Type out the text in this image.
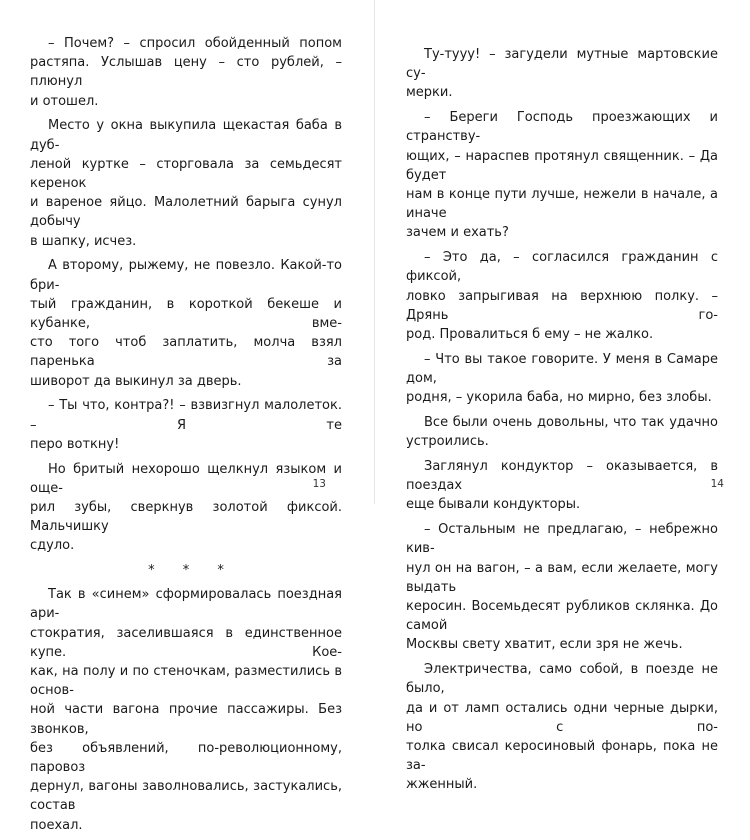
– Почем? – спросил обойденный попом
растяпа. Услышав цену – сто рублей, – плюнул
и отошел.

Место у окна выкупила щекастая баба в дуб-
леной куртке – сторговала за семьдесят керенок
и вареное яйцо. Малолетний барыга сунул добычу
в шапку, исчез.

А второму, рыжему, не повезло. Какой-то бри-
тый гражданин, в короткой бекеше и кубанке, вме-
сто того чтоб заплатить, молча взял паренька за
шиворот да выкинул за дверь.

– Ты что, контра?! – взвизгнул малолеток. – Я те
перо воткну!

Но бритый нехорошо щелкнул языком и още-
рил зубы, сверкнув золотой фиксой. Мальчишку
сдуло.

* * *

Так в «синем» сформировалась поездная ари-
стократия, заселившаяся в единственное купе. Кое-
как, на полу и по стеночкам, разместились в основ-
ной части вагона прочие пассажиры. Без звонков,
без объявлений, по-революционному, паровоз
дернул, вагоны заволновались, застукались, состав
поехал.

13

Ту-тууу! – загудели мутные мартовские су-
мерки.

– Береги Господь проезжающих и странству-
ющих, – нараспев протянул священник. – Да будет
нам в конце пути лучше, нежели в начале, а иначе
зачем и ехать?

– Это да, – согласился гражданин с фиксой,
ловко запрыгивая на верхнюю полку. – Дрянь го-
род. Провалиться б ему – не жалко.

– Что вы такое говорите. У меня в Самаре дом,
родня, – укорила баба, но мирно, без злобы.

Все были очень довольны, что так удачно
устроились.

Заглянул кондуктор – оказывается, в поездах
еще бывали кондукторы.

– Остальным не предлагаю, – небрежно кив-
нул он на вагон, – а вам, если желаете, могу выдать
керосин. Восемьдесят рубликов склянка. До самой
Москвы свету хватит, если зря не жечь.

Электричества, само собой, в поезде не было,
да и от ламп остались одни черные дырки, но с по-
толка свисал керосиновый фонарь, пока не за-
жженный.

14
